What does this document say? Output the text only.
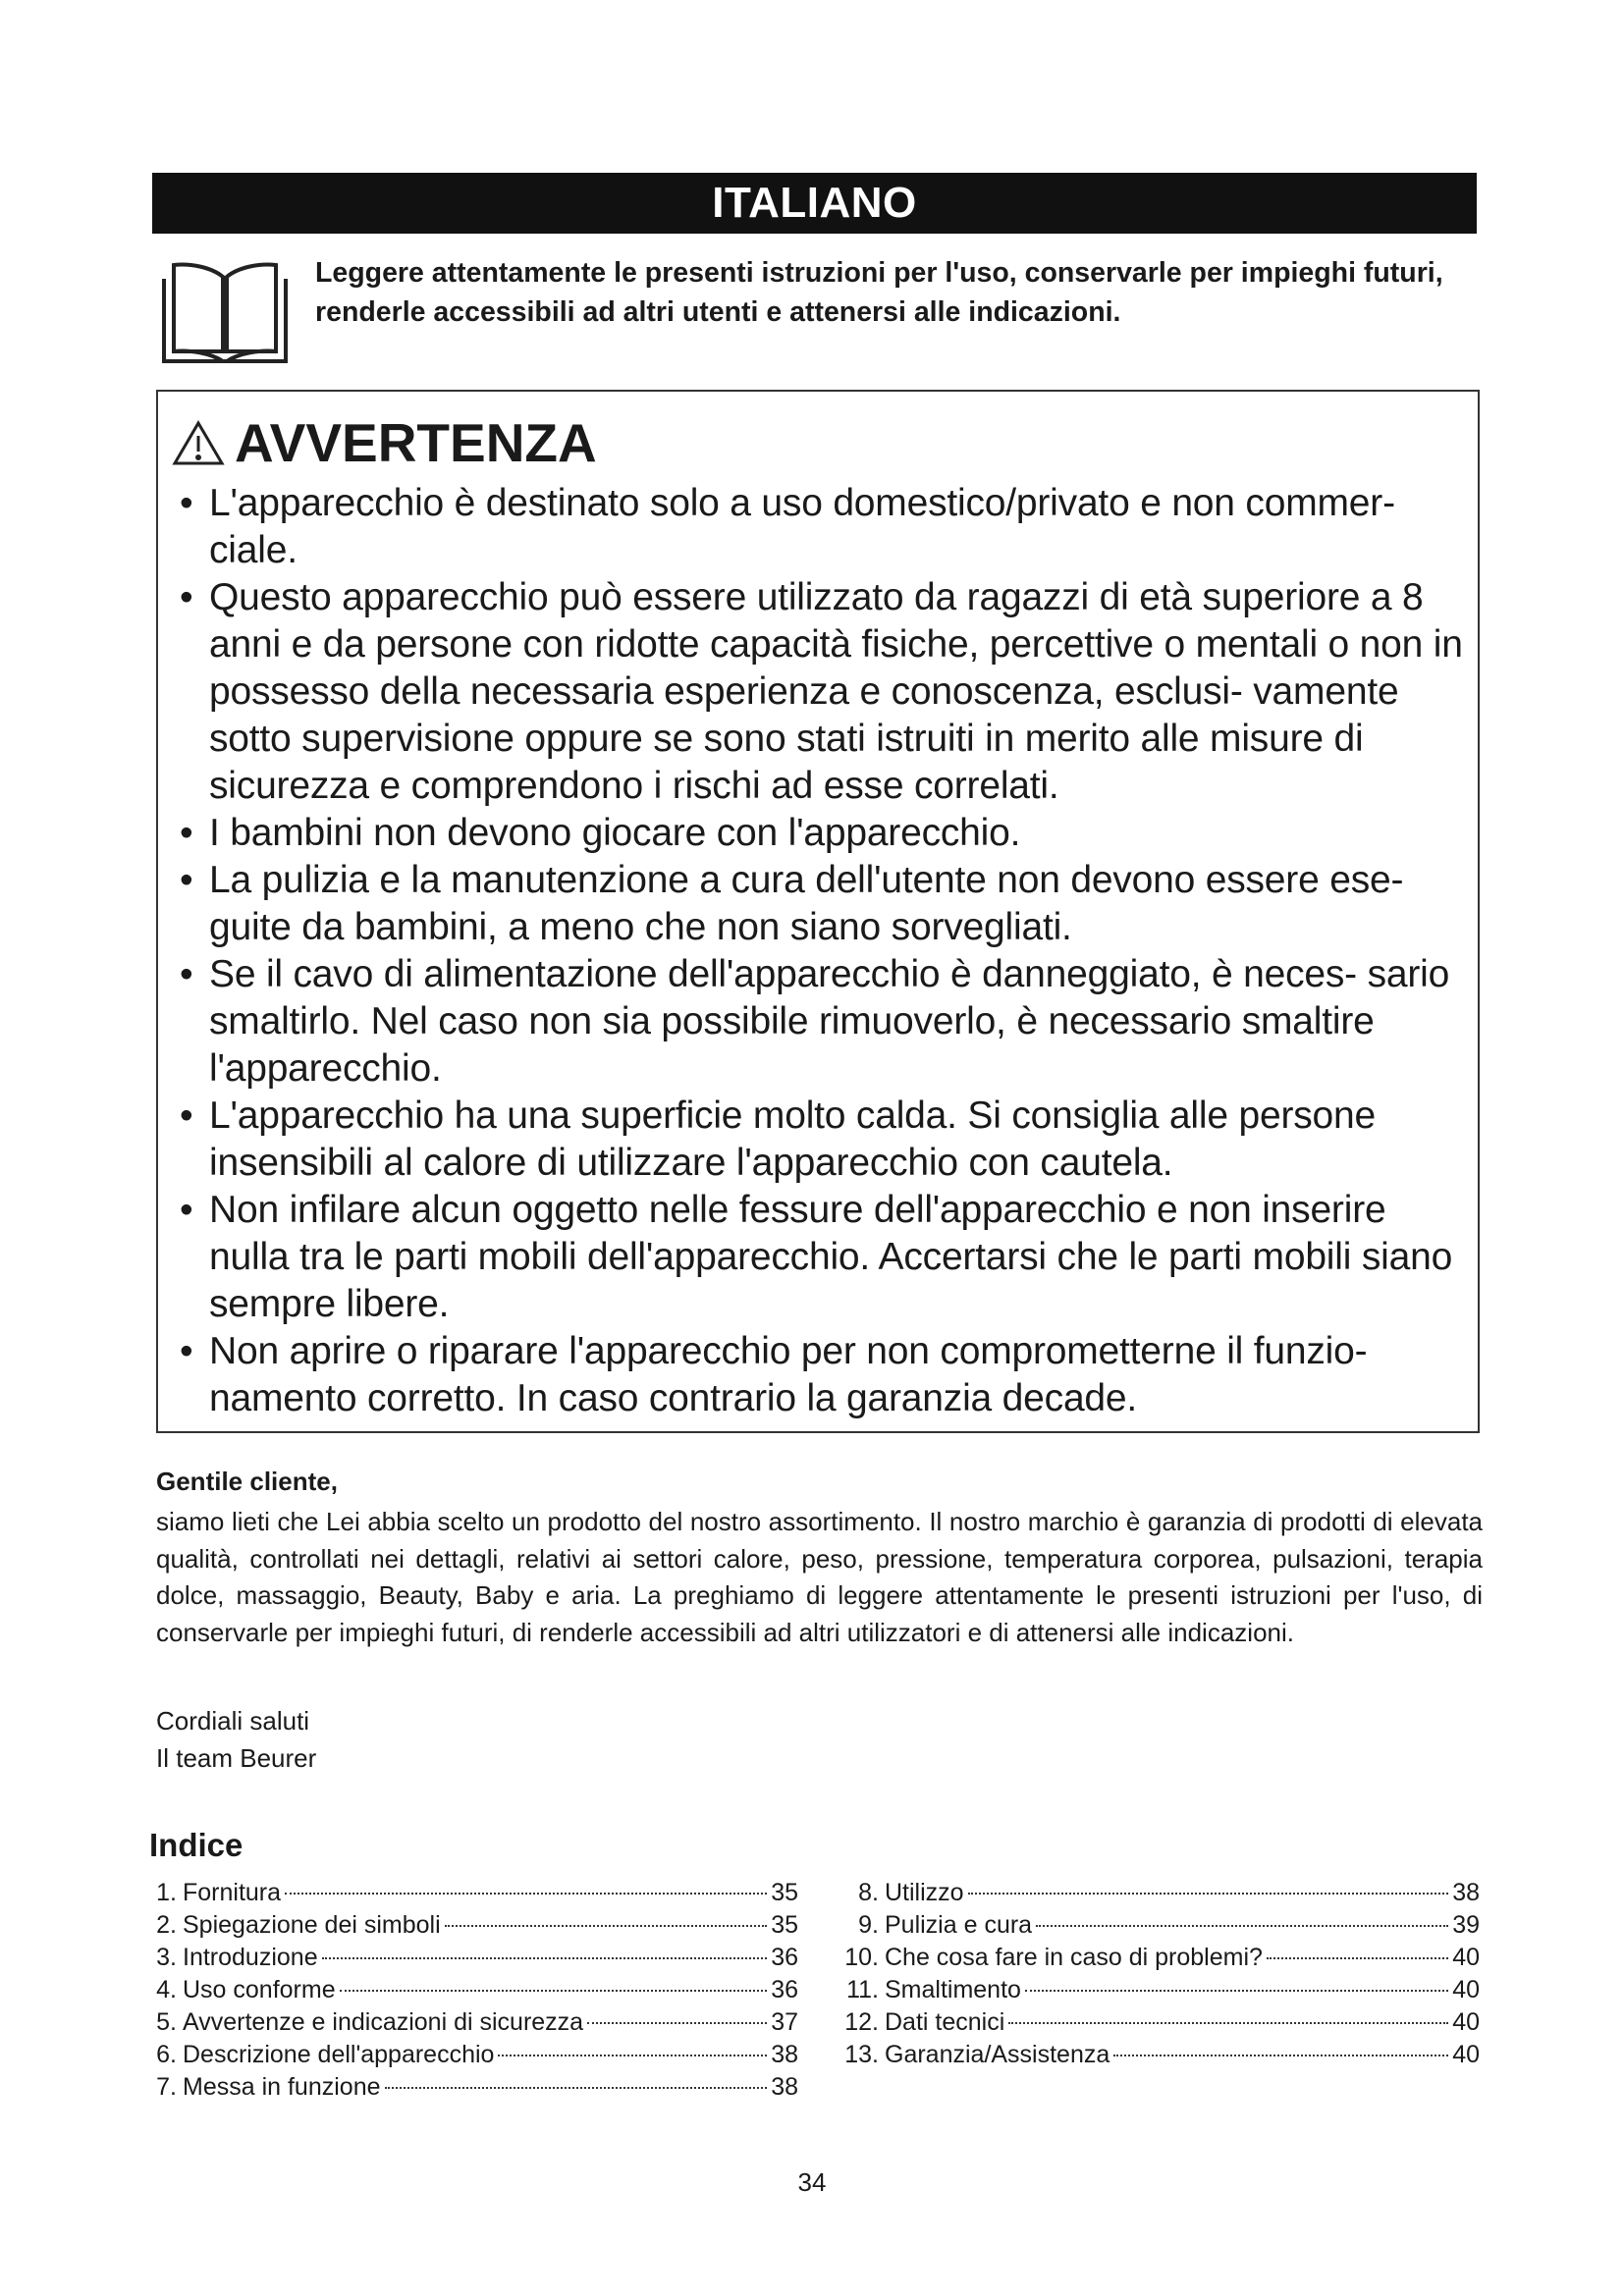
ITALIANO
Leggere attentamente le presenti istruzioni per l'uso, conservarle per impieghi futuri, renderle accessibili ad altri utenti e attenersi alle indicazioni.
AVVERTENZA
• L'apparecchio è destinato solo a uso domestico/privato e non commer- ciale.
• Questo apparecchio può essere utilizzato da ragazzi di età superiore a 8 anni e da persone con ridotte capacità fisiche, percettive o mentali o non in possesso della necessaria esperienza e conoscenza, esclusi- vamente sotto supervisione oppure se sono stati istruiti in merito alle misure di sicurezza e comprendono i rischi ad esse correlati.
• I bambini non devono giocare con l'apparecchio.
• La pulizia e la manutenzione a cura dell'utente non devono essere ese- guite da bambini, a meno che non siano sorvegliati.
• Se il cavo di alimentazione dell'apparecchio è danneggiato, è neces- sario smaltirlo. Nel caso non sia possibile rimuoverlo, è necessario smaltire l'apparecchio.
• L'apparecchio ha una superficie molto calda. Si consiglia alle persone insensibili al calore di utilizzare l'apparecchio con cautela.
• Non infilare alcun oggetto nelle fessure dell'apparecchio e non inserire nulla tra le parti mobili dell'apparecchio. Accertarsi che le parti mobili siano sempre libere.
• Non aprire o riparare l'apparecchio per non comprometterne il funzio- namento corretto. In caso contrario la garanzia decade.
Gentile cliente,
siamo lieti che Lei abbia scelto un prodotto del nostro assortimento. Il nostro marchio è garanzia di prodotti di elevata qualità, controllati nei dettagli, relativi ai settori calore, peso, pressione, temperatura corporea, pulsazioni, terapia dolce, massaggio, Beauty, Baby e aria. La preghiamo di leggere attentamente le presenti istruzioni per l'uso, di conservarle per impieghi futuri, di renderle accessibili ad altri utilizzatori e di attenersi alle indicazioni.
Cordiali saluti
Il team Beurer
Indice
1. Fornitura	35
2. Spiegazione dei simboli	35
3. Introduzione	36
4. Uso conforme	36
5. Avvertenze e indicazioni di sicurezza	37
6. Descrizione dell'apparecchio	38
7. Messa in funzione	38
8. Utilizzo	38
9. Pulizia e cura	39
10. Che cosa fare in caso di problemi?	40
11. Smaltimento	40
12. Dati tecnici	40
13. Garanzia/Assistenza	40
34
